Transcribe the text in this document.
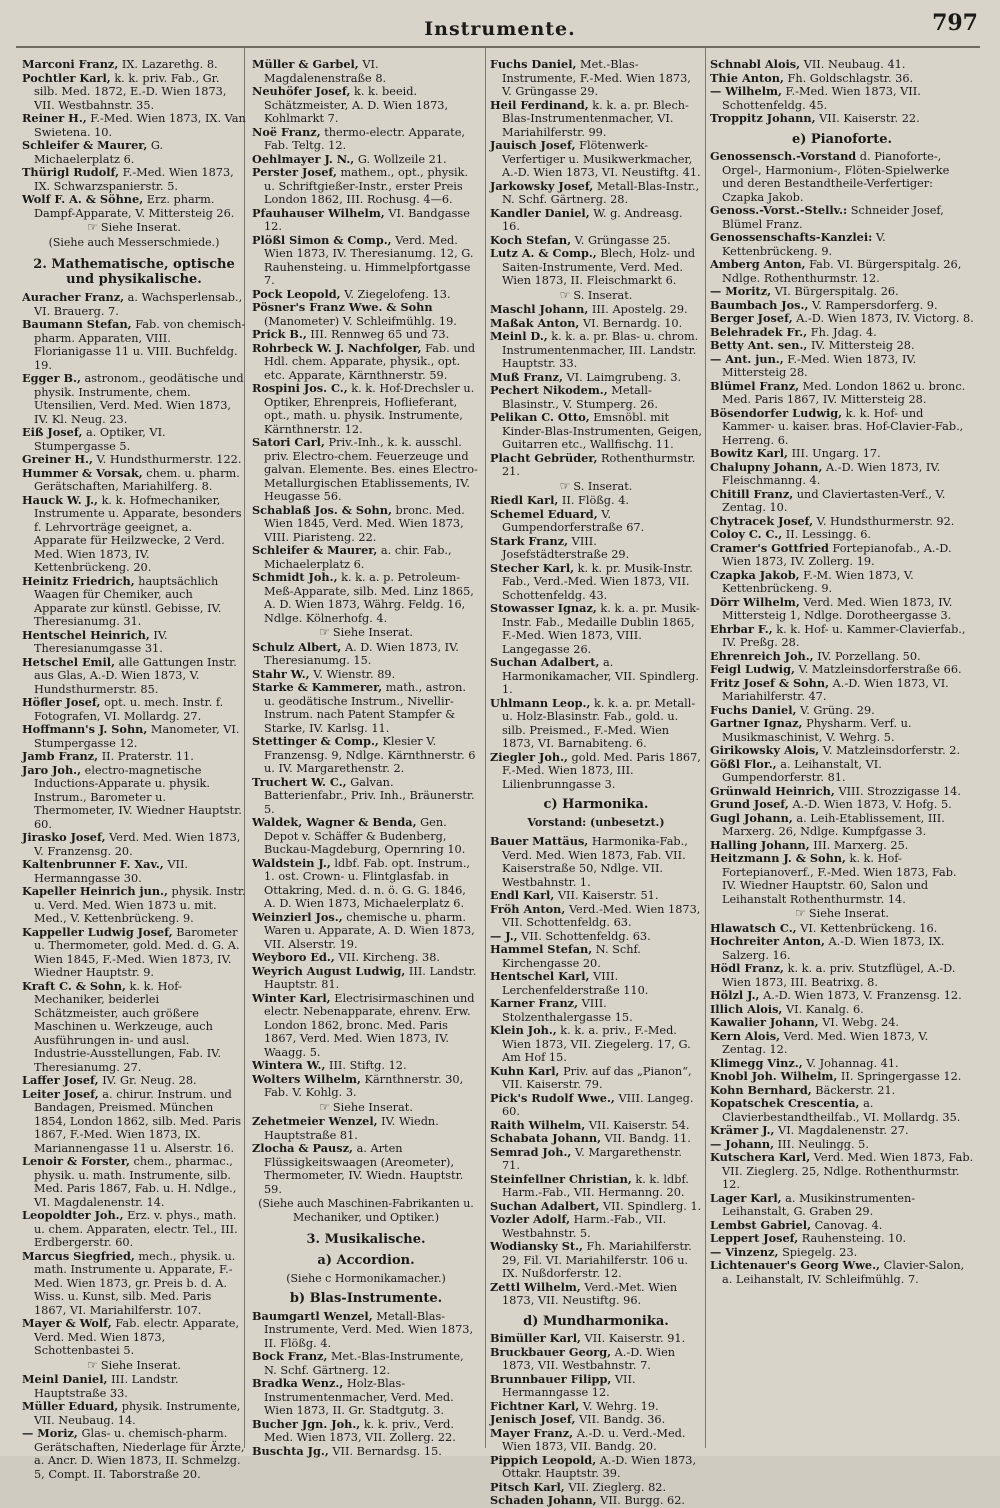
Instrumente.	797

Marconi Franz, IX. Lazarethg. 8.

Pochtler Karl, k. k. priv. Fab., Gr. silb. Med. 1872, E.-D. Wien 1873, VII. Westbahnstr. 35.

Reiner H., F.-Med. Wien 1873, IX. Van Swietena. 10.

Schleifer & Maurer, G. Michaelerplatz 6.

Thürigl Rudolf, F.-Med. Wien 1873, IX. Schwarzspanierstr. 5.

Wolf F. A. & Söhne, Erz. pharm. Dampf-Apparate, V. Mittersteig 26.

☞ Siehe Inserat.
(Siehe auch Messerschmiede.)
2. Mathematische, optische und physikalische.

Auracher Franz, a. Wachsperlensab., VI. Brauerg. 7.

Baumann Stefan, Fab. von chemisch-pharm. Apparaten, VIII. Florianigasse 11 u. VIII. Buchfeldg. 19.

Egger B., astronom., geodätische und physik. Instrumente, chem. Utensilien, Verd. Med. Wien 1873, IV. Kl. Neug. 23.

Eiß Josef, a. Optiker, VI. Stumpergasse 5.

Greiner H., V. Hundsthurmerstr. 122.

Hummer & Vorsak, chem. u. pharm. Gerätschaften, Mariahilferg. 8.

Hauck W. J., k. k. Hofmechaniker, Instrumente u. Apparate, besonders f. Lehrvorträge geeignet, a. Apparate für Heilzwecke, 2 Verd. Med. Wien 1873, IV. Kettenbrückeng. 20.

Heinitz Friedrich, hauptsächlich Waagen für Chemiker, auch Apparate zur künstl. Gebisse, IV. Theresianumg. 31.

Hentschel Heinrich, IV. Theresianumgasse 31.

Hetschel Emil, alle Gattungen Instr. aus Glas, A.-D. Wien 1873, V. Hundsthurmerstr. 85.

Höfler Josef, opt. u. mech. Instr. f. Fotografen, VI. Mollardg. 27.

Hoffmann's J. Sohn, Manometer, VI. Stumpergasse 12.

Jamb Franz, II. Praterstr. 11.

Jaro Joh., electro-magnetische Inductions-Apparate u. physik. Instrum., Barometer u. Thermometer, IV. Wiedner Hauptstr. 60.

Jirasko Josef, Verd. Med. Wien 1873, V. Franzensg. 20.

Kaltenbrunner F. Xav., VII. Hermanngasse 30.

Kapeller Heinrich jun., physik. Instr. u. Verd. Med. Wien 1873 u. mit. Med., V. Kettenbrückeng. 9.

Kappeller Ludwig Josef, Barometer u. Thermometer, gold. Med. d. G. A. Wien 1845, F.-Med. Wien 1873, IV. Wiedner Hauptstr. 9.

Kraft C. & Sohn, k. k. Hof-Mechaniker, beiderlei Schätzmeister, auch größere Maschinen u. Werkzeuge, auch Ausführungen in- und ausl. Industrie-Ausstellungen, Fab. IV. Theresianumg. 27.

Laffer Josef, IV. Gr. Neug. 28.

Leiter Josef, a. chirur. Instrum. und Bandagen, Preismed. München 1854, London 1862, silb. Med. Paris 1867, F.-Med. Wien 1873, IX. Mariannengasse 11 u. Alserstr. 16.

Lenoir & Forster, chem., pharmac., physik. u. math. Instrumente, silb. Med. Paris 1867, Fab. u. H. Ndlge., VI. Magdalenenstr. 14.

Leopoldter Joh., Erz. v. phys., math. u. chem. Apparaten, electr. Tel., III. Erdbergerstr. 60.

Marcus Siegfried, mech., physik. u. math. Instrumente u. Apparate, F.-Med. Wien 1873, gr. Preis b. d. A. Wiss. u. Kunst, silb. Med. Paris 1867, VI. Mariahilferstr. 107.

Mayer & Wolf, Fab. electr. Apparate, Verd. Med. Wien 1873, Schottenbastei 5.

☞ Siehe Inserat.

Meinl Daniel, III. Landstr. Hauptstraße 33.

Müller Eduard, physik. Instrumente, VII. Neubaug. 14.

— Moriz, Glas- u. chemisch-pharm. Gerätschaften, Niederlage für Ärzte, a. Ancr. D. Wien 1873, II. Schmelzg. 5, Compt. II. Taborstraße 20.

Müller & Garbel, VI. Magdalenenstraße 8.

Neuhöfer Josef, k. k. beeid. Schätzmeister, A. D. Wien 1873, Kohlmarkt 7.

Noë Franz, thermo-electr. Apparate, Fab. Teltg. 12.

Oehlmayer J. N., G. Wollzeile 21.

Perster Josef, mathem., opt., physik. u. Schriftgießer-Instr., erster Preis London 1862, III. Rochusg. 4—6.

Pfauhauser Wilhelm, VI. Bandgasse 12.

Plößl Simon & Comp., Verd. Med. Wien 1873, IV. Theresianumg. 12, G. Rauhensteing. u. Himmelpfortgasse 7.

Pock Leopold, V. Ziegelofeng. 13.

Pösner's Franz Wwe. & Sohn (Manometer) V. Schleifmühlg. 19.

Prick B., III. Rennweg 65 und 73.

Rohrbeck W. J. Nachfolger, Fab. und Hdl. chem. Apparate, physik., opt. etc. Apparate, Kärnthnerstr. 59.

Rospini Jos. C., k. k. Hof-Drechsler u. Optiker, Ehrenpreis, Hoflieferant, opt., math. u. physik. Instrumente, Kärnthnerstr. 12.

Satori Carl, Priv.-Inh., k. k. ausschl. priv. Electro-chem. Feuerzeuge und galvan. Elemente. Bes. eines Electro-Metallurgischen Etablissements, IV. Heugasse 56.

Schablaß Jos. & Sohn, bronc. Med. Wien 1845, Verd. Med. Wien 1873, VIII. Piaristeng. 22.

Schleifer & Maurer, a. chir. Fab., Michaelerplatz 6.

Schmidt Joh., k. k. a. p. Petroleum-Meß-Apparate, silb. Med. Linz 1865, A. D. Wien 1873, Währg. Feldg. 16, Ndlge. Kölnerhofg. 4.

☞ Siehe Inserat.

Schulz Albert, A. D. Wien 1873, IV. Theresianumg. 15.

Stahr W., V. Wienstr. 89.

Starke & Kammerer, math., astron. u. geodätische Instrum., Nivellir-Instrum. nach Patent Stampfer & Starke, IV. Karlsg. 11.

Stettinger & Comp., Klesier V. Franzensg. 9, Ndlge. Kärnthnerstr. 6 u. IV. Margarethenstr. 2.

Truchert W. C., Galvan. Batterienfabr., Priv. Inh., Bräunerstr. 5.

Waldek, Wagner & Benda, Gen. Depot v. Schäffer & Budenberg, Buckau-Magdeburg, Opernring 10.

Waldstein J., ldbf. Fab. opt. Instrum., 1. ost. Crown- u. Flintglasfab. in Ottakring, Med. d. n. ö. G. G. 1846, A. D. Wien 1873, Michaelerplatz 6.

Weinzierl Jos., chemische u. pharm. Waren u. Apparate, A. D. Wien 1873, VII. Alserstr. 19.

Weyboro Ed., VII. Kircheng. 38.

Weyrich August Ludwig, III. Landstr. Hauptstr. 81.

Winter Karl, Electrisirmaschinen und electr. Nebenapparate, ehrenv. Erw. London 1862, bronc. Med. Paris 1867, Verd. Med. Wien 1873, IV. Waagg. 5.

Wintera W., III. Stiftg. 12.

Wolters Wilhelm, Kärnthnerstr. 30, Fab. V. Kohlg. 3.

☞ Siehe Inserat.

Zehetmeier Wenzel, IV. Wiedn. Hauptstraße 81.

Zlocha & Pausz, a. Arten Flüssigkeitswaagen (Areometer), Thermometer, IV. Wiedn. Hauptstr. 59.

(Siehe auch Maschinen-Fabrikanten u. Mechaniker, und Optiker.)
3. Musikalische.
a) Accordion.
(Siehe c Hormonikamacher.)
b) Blas-Instrumente.

Baumgartl Wenzel, Metall-Blas-Instrumente, Verd. Med. Wien 1873, II. Flößg. 4.

Bock Franz, Met.-Blas-Instrumente, N. Schf. Gärtnerg. 12.

Bradka Wenz., Holz-Blas-Instrumentenmacher, Verd. Med. Wien 1873, II. Gr. Stadtgutg. 3.

Bucher Jgn. Joh., k. k. priv., Verd. Med. Wien 1873, VII. Zollerg. 22.

Buschta Jg., VII. Bernardsg. 15.

Fuchs Daniel, Met.-Blas-Instrumente, F.-Med. Wien 1873, V. Grüngasse 29.

Heil Ferdinand, k. k. a. pr. Blech-Blas-Instrumentenmacher, VI. Mariahilferstr. 99.

Jauisch Josef, Flötenwerk-Verfertiger u. Musikwerkmacher, A.-D. Wien 1873, VI. Neustiftg. 41.

Jarkowsky Josef, Metall-Blas-Instr., N. Schf. Gärtnerg. 28.

Kandler Daniel, W. g. Andreasg. 16.

Koch Stefan, V. Grüngasse 25.

Lutz A. & Comp., Blech, Holz- und Saiten-Instrumente, Verd. Med. Wien 1873, II. Fleischmarkt 6.

☞ S. Inserat.

Maschl Johann, III. Apostelg. 29.

Maßak Anton, VI. Bernardg. 10.

Meinl D., k. k. a. pr. Blas- u. chrom. Instrumentenmacher, III. Landstr. Hauptstr. 33.

Muß Franz, VI. Laimgrubeng. 3.

Pechert Nikodem., Metall-Blasinstr., V. Stumperg. 26.

Pelikan C. Otto, Emsnöbl. mit Kinder-Blas-Instrumenten, Geigen, Guitarren etc., Wallfischg. 11.

Placht Gebrüder, Rothenthurmstr. 21.

☞ S. Inserat.

Riedl Karl, II. Flößg. 4.

Schemel Eduard, V. Gumpendorferstraße 67.

Stark Franz, VIII. Josefstädterstraße 29.

Stecher Karl, k. k. pr. Musik-Instr. Fab., Verd.-Med. Wien 1873, VII. Schottenfeldg. 43.

Stowasser Ignaz, k. k. a. pr. Musik-Instr. Fab., Medaille Dublin 1865, F.-Med. Wien 1873, VIII. Langegasse 26.

Suchan Adalbert, a. Harmonikamacher, VII. Spindlerg. 1.

Uhlmann Leop., k. k. a. pr. Metall- u. Holz-Blasinstr. Fab., gold. u. silb. Preismed., F.-Med. Wien 1873, VI. Barnabiteng. 6.

Ziegler Joh., gold. Med. Paris 1867, F.-Med. Wien 1873, III. Lilienbrunngasse 3.

c) Harmonika.
Vorstand: (unbesetzt.)

Bauer Mattäus, Harmonika-Fab., Verd. Med. Wien 1873, Fab. VII. Kaiserstraße 50, Ndlge. VII. Westbahnstr. 1.

Endl Karl, VII. Kaiserstr. 51.

Fröh Anton, Verd.-Med. Wien 1873, VII. Schottenfeldg. 63.

— J., VII. Schottenfeldg. 63.

Hammel Stefan, N. Schf. Kirchengasse 20.

Hentschel Karl, VIII. Lerchenfelderstraße 110.

Karner Franz, VIII. Stolzenthalergasse 15.

Klein Joh., k. k. a. priv., F.-Med. Wien 1873, VII. Ziegelerg. 17, G. Am Hof 15.

Kuhn Karl, Priv. auf das „Pianon“, VII. Kaiserstr. 79.

Pick's Rudolf Wwe., VIII. Langeg. 60.

Raith Wilhelm, VII. Kaiserstr. 54.

Schabata Johann, VII. Bandg. 11.

Semrad Joh., V. Margarethenstr. 71.

Steinfellner Christian, k. k. ldbf. Harm.-Fab., VII. Hermanng. 20.

Suchan Adalbert, VII. Spindlerg. 1.

Vozler Adolf, Harm.-Fab., VII. Westbahnstr. 5.

Wodiansky St., Fh. Mariahilferstr. 29, Fil. VI. Mariahilferstr. 106 u. IX. Nußdorferstr. 12.

Zettl Wilhelm, Verd.-Met. Wien 1873, VII. Neustiftg. 96.

d) Mundharmonika.

Bimüller Karl, VII. Kaiserstr. 91.

Bruckbauer Georg, A.-D. Wien 1873, VII. Westbahnstr. 7.

Brunnbauer Filipp, VII. Hermanngasse 12.

Fichtner Karl, V. Wehrg. 19.

Jenisch Josef, VII. Bandg. 36.

Mayer Franz, A.-D. u. Verd.-Med. Wien 1873, VII. Bandg. 20.

Pippich Leopold, A.-D. Wien 1873, Ottakr. Hauptstr. 39.

Pitsch Karl, VII. Zieglerg. 82.

Schaden Johann, VII. Burgg. 62.

Schnabl Alois, VII. Neubaug. 41.

Thie Anton, Fh. Goldschlagstr. 36.

— Wilhelm, F.-Med. Wien 1873, VII. Schottenfeldg. 45.

Troppitz Johann, VII. Kaiserstr. 22.

e) Pianoforte.

Genossensch.-Vorstand d. Pianoforte-, Orgel-, Harmonium-, Flöten-Spielwerke und deren Bestandtheile-Verfertiger: Czapka Jakob.

Genoss.-Vorst.-Stellv.: Schneider Josef, Blümel Franz.

Genossenschafts-Kanzlei: V. Kettenbrückeng. 9.

Amberg Anton, Fab. VI. Bürgerspitalg. 26, Ndlge. Rothenthurmstr. 12.

— Moritz, VI. Bürgerspitalg. 26.

Baumbach Jos., V. Rampersdorferg. 9.

Berger Josef, A.-D. Wien 1873, IV. Victorg. 8.

Belehradek Fr., Fh. Jdag. 4.

Betty Ant. sen., IV. Mittersteig 28.

— Ant. jun., F.-Med. Wien 1873, IV. Mittersteig 28.

Blümel Franz, Med. London 1862 u. bronc. Med. Paris 1867, IV. Mittersteig 28.

Bösendorfer Ludwig, k. k. Hof- und Kammer- u. kaiser. bras. Hof-Clavier-Fab., Herreng. 6.

Bowitz Karl, III. Ungarg. 17.

Chalupny Johann, A.-D. Wien 1873, IV. Fleischmanng. 4.

Chitill Franz, und Claviertasten-Verf., V. Zentag. 10.

Chytracek Josef, V. Hundsthurmerstr. 92.

Coloy C. C., II. Lessingg. 6.

Cramer's Gottfried Fortepianofab., A.-D. Wien 1873, IV. Zollerg. 19.

Czapka Jakob, F.-M. Wien 1873, V. Kettenbrückeng. 9.

Dörr Wilhelm, Verd. Med. Wien 1873, IV. Mittersteig 1, Ndlge. Dorotheergasse 3.

Ehrbar F., k. k. Hof- u. Kammer-Clavierfab., IV. Preßg. 28.

Ehrenreich Joh., IV. Porzellang. 50.

Feigl Ludwig, V. Matzleinsdorferstraße 66.

Fritz Josef & Sohn, A.-D. Wien 1873, VI. Mariahilferstr. 47.

Fuchs Daniel, V. Grüng. 29.

Gartner Ignaz, Physharm. Verf. u. Musikmaschinist, V. Wehrg. 5.

Girikowsky Alois, V. Matzleinsdorferstr. 2.

Gößl Flor., a. Leihanstalt, VI. Gumpendorferstr. 81.

Grünwald Heinrich, VIII. Strozzigasse 14.

Grund Josef, A.-D. Wien 1873, V. Hofg. 5.

Gugl Johann, a. Leih-Etablissement, III. Marxerg. 26, Ndlge. Kumpfgasse 3.

Halling Johann, III. Marxerg. 25.

Heitzmann J. & Sohn, k. k. Hof-Fortepianoverf., F.-Med. Wien 1873, Fab. IV. Wiedner Hauptstr. 60, Salon und Leihanstalt Rothenthurmstr. 14.

☞ Siehe Inserat.

Hlawatsch C., VI. Kettenbrückeng. 16.

Hochreiter Anton, A.-D. Wien 1873, IX. Salzerg. 16.

Hödl Franz, k. k. a. priv. Stutzflügel, A.-D. Wien 1873, III. Beatrixg. 8.

Hölzl J., A.-D. Wien 1873, V. Franzensg. 12.

Illich Alois, VI. Kanalg. 6.

Kawalier Johann, VI. Webg. 24.

Kern Alois, Verd. Med. Wien 1873, V. Zentag. 12.

Klimegg Vinz., V. Johannag. 41.

Knobl Joh. Wilhelm, II. Springergasse 12.

Kohn Bernhard, Bäckerstr. 21.

Kopatschek Crescentia, a. Clavierbestandtheilfab., VI. Mollardg. 35.

Krämer J., VI. Magdalenenstr. 27.

— Johann, III. Neulingg. 5.

Kutschera Karl, Verd. Med. Wien 1873, Fab. VII. Zieglerg. 25, Ndlge. Rothenthurmstr. 12.

Lager Karl, a. Musikinstrumenten-Leihanstalt, G. Graben 29.

Lembst Gabriel, Canovag. 4.

Leppert Josef, Rauhensteing. 10.

— Vinzenz, Spiegelg. 23.

Lichtenauer's Georg Wwe., Clavier-Salon, a. Leihanstalt, IV. Schleifmühlg. 7.
